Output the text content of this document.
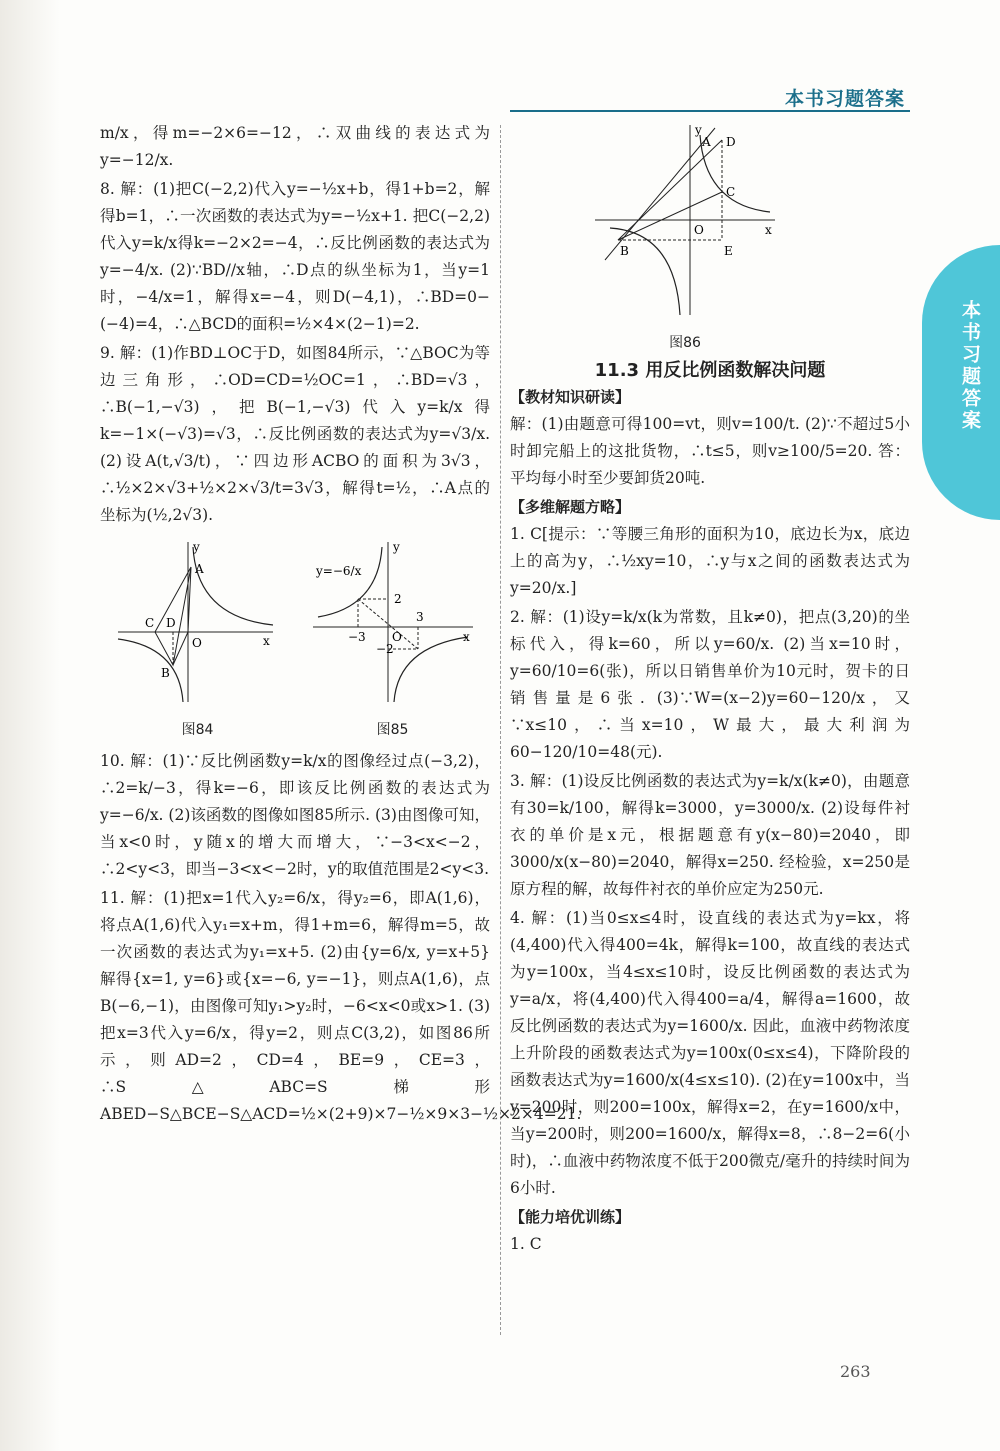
本书习题答案
本书习题答案

m/x，得m=−2×6=−12，∴双曲线的表达式为y=−12/x.

8. 解：(1)把C(−2,2)代入y=−½x+b，得1+b=2，解得b=1，∴一次函数的表达式为y=−½x+1. 把C(−2,2)代入y=k/x得k=−2×2=−4，∴反比例函数的表达式为y=−4/x. (2)∵BD//x轴，∴D点的纵坐标为1，当y=1时，−4/x=1，解得x=−4，则D(−4,1)，∴BD=0−(−4)=4，∴△BCD的面积=½×4×(2−1)=2.

9. 解：(1)作BD⊥OC于D，如图84所示，∵△BOC为等边三角形，∴OD=CD=½OC=1，∴BD=√3，∴B(−1,−√3)，把B(−1,−√3)代入y=k/x得k=−1×(−√3)=√3，∴反比例函数的表达式为y=√3/x. (2)设A(t,√3/t)，∵四边形ACBO的面积为3√3，∴½×2×√3+½×2×√3/t=3√3，解得t=½，∴A点的坐标为(½,2√3).

A
C D
O
B
x
y
图84
y=−6/x
2
−3
3
−2
O	x
y
图85

10. 解：(1)∵反比例函数y=k/x的图像经过点(−3,2)，∴2=k/−3，得k=−6，即该反比例函数的表达式为y=−6/x. (2)该函数的图像如图85所示. (3)由图像可知，当x<0时，y随x的增大而增大，∵−3<x<−2，∴2<y<3，即当−3<x<−2时，y的取值范围是2<y<3.

11. 解：(1)把x=1代入y₂=6/x，得y₂=6，即A(1,6)，将点A(1,6)代入y₁=x+m，得1+m=6，解得m=5，故一次函数的表达式为y₁=x+5. (2)由{y=6/x, y=x+5}解得{x=1, y=6}或{x=−6, y=−1}，则点A(1,6)，点B(−6,−1)，由图像可知y₁>y₂时，−6<x<0或x>1. (3)把x=3代入y=6/x，得y=2，则点C(3,2)，如图86所示，则AD=2，CD=4，BE=9，CE=3，∴S△ABC=S梯形ABED−S△BCE−S△ACD=½×(2+9)×7−½×9×3−½×2×4=21.

A D
C
B
O
E
x
y
图86
11.3 用反比例函数解决问题
【教材知识研读】

解：(1)由题意可得100=vt，则v=100/t. (2)∵不超过5小时卸完船上的这批货物，∴t≤5，则v≥100/5=20. 答：平均每小时至少要卸货20吨.

【多维解题方略】

1. C[提示：∵等腰三角形的面积为10，底边长为x，底边上的高为y，∴½xy=10，∴y与x之间的函数表达式为y=20/x.]

2. 解：(1)设y=k/x(k为常数，且k≠0)，把点(3,20)的坐标代入，得k=60，所以y=60/x. (2)当x=10时，y=60/10=6(张)，所以日销售单价为10元时，贺卡的日销售量是6张. (3)∵W=(x−2)y=60−120/x，又∵x≤10，∴当x=10，W最大，最大利润为60−120/10=48(元).

3. 解：(1)设反比例函数的表达式为y=k/x(k≠0)，由题意有30=k/100，解得k=3000，y=3000/x. (2)设每件衬衣的单价是x元，根据题意有y(x−80)=2040，即3000/x(x−80)=2040，解得x=250. 经检验，x=250是原方程的解，故每件衬衣的单价应定为250元.

4. 解：(1)当0≤x≤4时，设直线的表达式为y=kx，将(4,400)代入得400=4k，解得k=100，故直线的表达式为y=100x，当4≤x≤10时，设反比例函数的表达式为y=a/x，将(4,400)代入得400=a/4，解得a=1600，故反比例函数的表达式为y=1600/x. 因此，血液中药物浓度上升阶段的函数表达式为y=100x(0≤x≤4)，下降阶段的函数表达式为y=1600/x(4≤x≤10). (2)在y=100x中，当y=200时，则200=100x，解得x=2，在y=1600/x中，当y=200时，则200=1600/x，解得x=8，∴8−2=6(小时)，∴血液中药物浓度不低于200微克/毫升的持续时间为6小时.

【能力培优训练】

1. C

263
